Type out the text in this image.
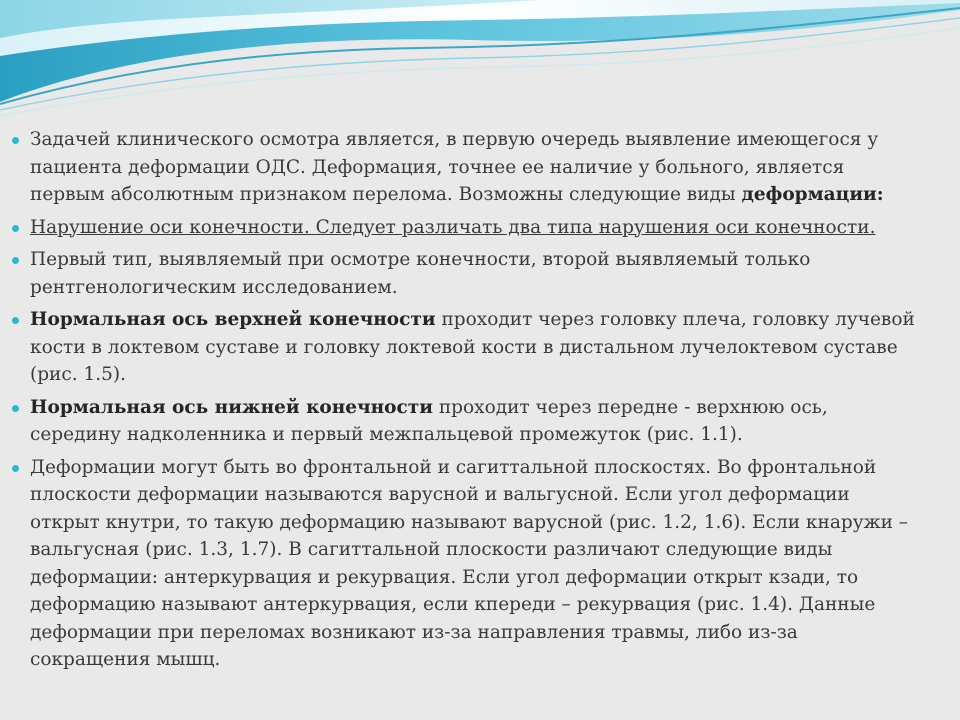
Задачей клинического осмотра является, в первую очередь выявление имеющегося у пациента деформации ОДС. Деформация, точнее ее наличие у больного, является первым абсолютным признаком перелома. Возможны следующие виды деформации:
Нарушение оси конечности. Следует различать два типа нарушения оси конечности.
Первый тип, выявляемый при осмотре конечности, второй выявляемый только рентгенологическим исследованием.
Нормальная ось верхней конечности проходит через головку плеча, головку лучевой кости в локтевом суставе и головку локтевой кости в дистальном лучелоктевом суставе (рис. 1.5).
Нормальная ось нижней конечности проходит через передне - верхнюю ось, середину надколенника и первый межпальцевой промежуток (рис. 1.1).
Деформации могут быть во фронтальной и сагиттальной плоскостях. Во фронтальной плоскости деформации называются варусной и вальгусной. Если угол деформации открыт кнутри, то такую деформацию называют варусной (рис. 1.2, 1.6). Если кнаружи – вальгусная (рис. 1.3, 1.7). В сагиттальной плоскости различают следующие виды деформации: антеркурвация и рекурвация. Если угол деформации открыт кзади, то деформацию называют антеркурвация, если кпереди – рекурвация (рис. 1.4). Данные деформации при переломах возникают из-за направления травмы, либо из-за сокращения мышц.
